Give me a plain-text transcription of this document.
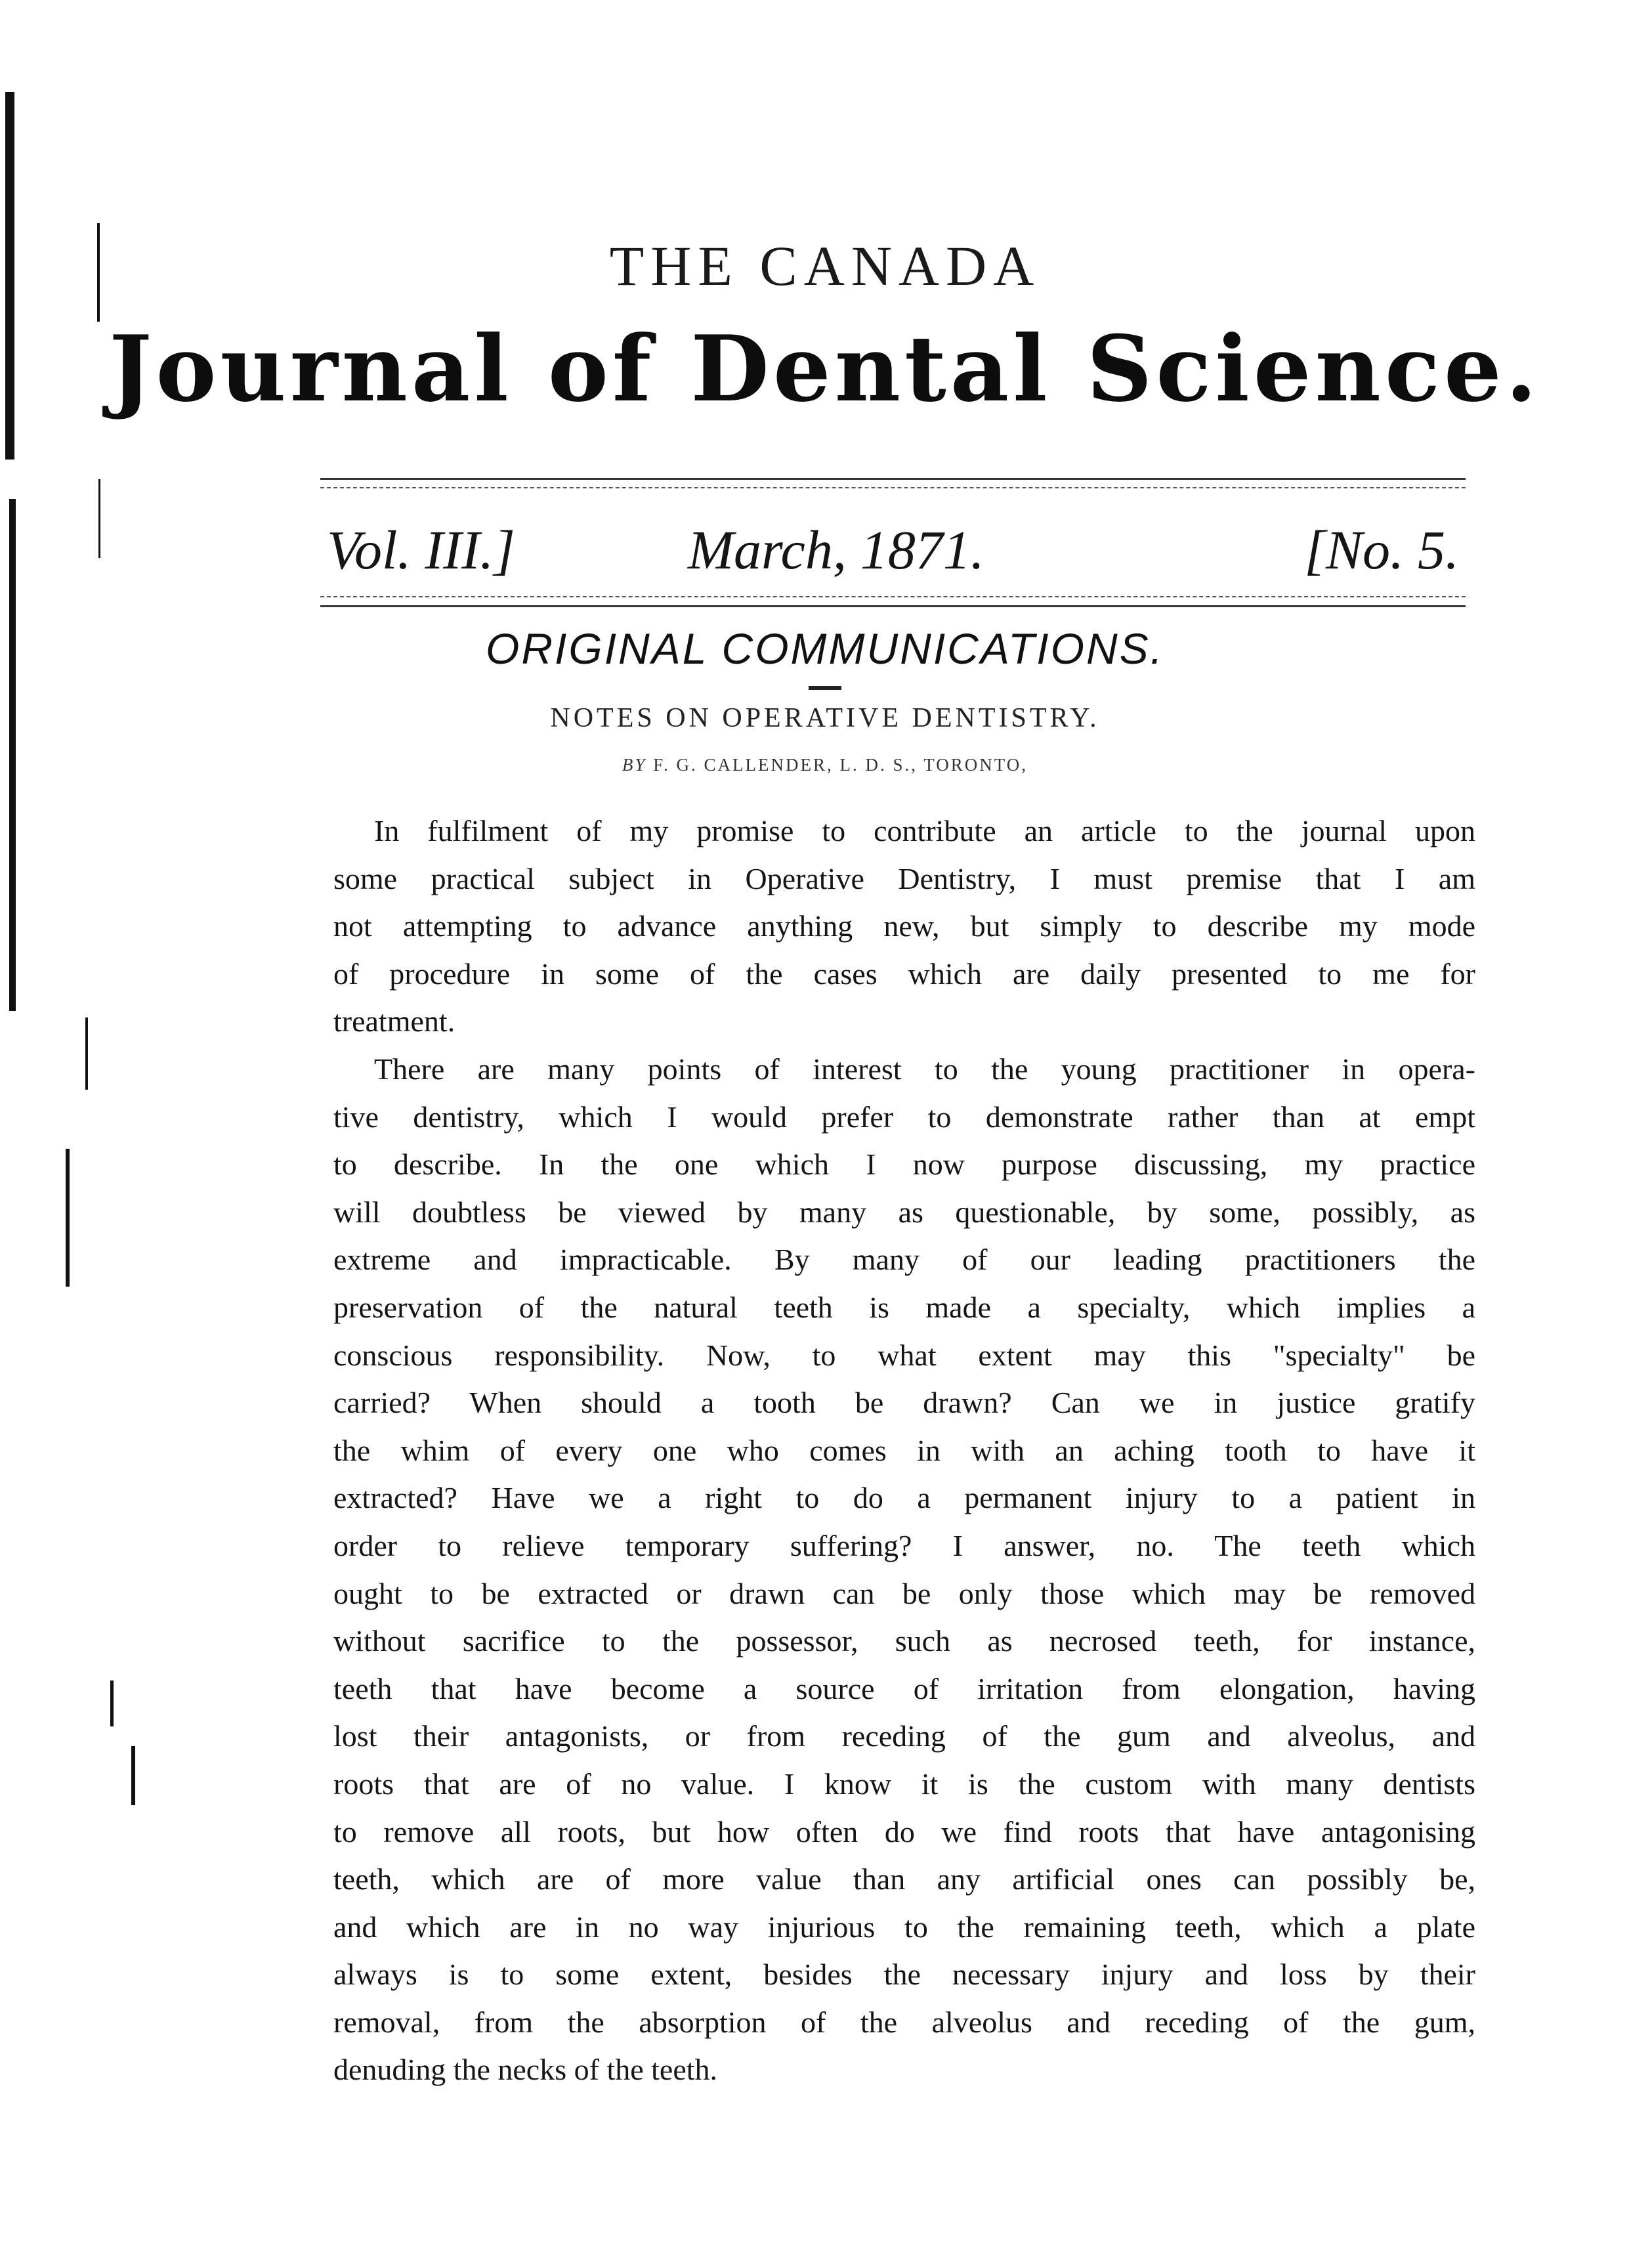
THE CANADA
Journal of Dental Science.
Vol. III.]	March, 1871.	[No. 5.
ORIGINAL COMMUNICATIONS.
NOTES ON OPERATIVE DENTISTRY.
BY F. G. CALLENDER, L. D. S., TORONTO,
In fulfilment of my promise to contribute an article to the journal upon
some practical subject in Operative Dentistry, I must premise that I am
not attempting to advance anything new, but simply to describe my mode
of procedure in some of the cases which are daily presented to me for
treatment.
There are many points of interest to the young practitioner in opera-
tive dentistry, which I would prefer to demonstrate rather than at empt
to describe. In the one which I now purpose discussing, my practice
will doubtless be viewed by many as questionable, by some, possibly, as
extreme and impracticable. By many of our leading practitioners the
preservation of the natural teeth is made a specialty, which implies a
conscious responsibility. Now, to what extent may this "specialty" be
carried? When should a tooth be drawn? Can we in justice gratify
the whim of every one who comes in with an aching tooth to have it
extracted? Have we a right to do a permanent injury to a patient in
order to relieve temporary suffering? I answer, no. The teeth which
ought to be extracted or drawn can be only those which may be removed
without sacrifice to the possessor, such as necrosed teeth, for instance,
teeth that have become a source of irritation from elongation, having
lost their antagonists, or from receding of the gum and alveolus, and
roots that are of no value. I know it is the custom with many dentists
to remove all roots, but how often do we find roots that have antagonising
teeth, which are of more value than any artificial ones can possibly be,
and which are in no way injurious to the remaining teeth, which a plate
always is to some extent, besides the necessary injury and loss by their
removal, from the absorption of the alveolus and receding of the gum,
denuding the necks of the teeth.
